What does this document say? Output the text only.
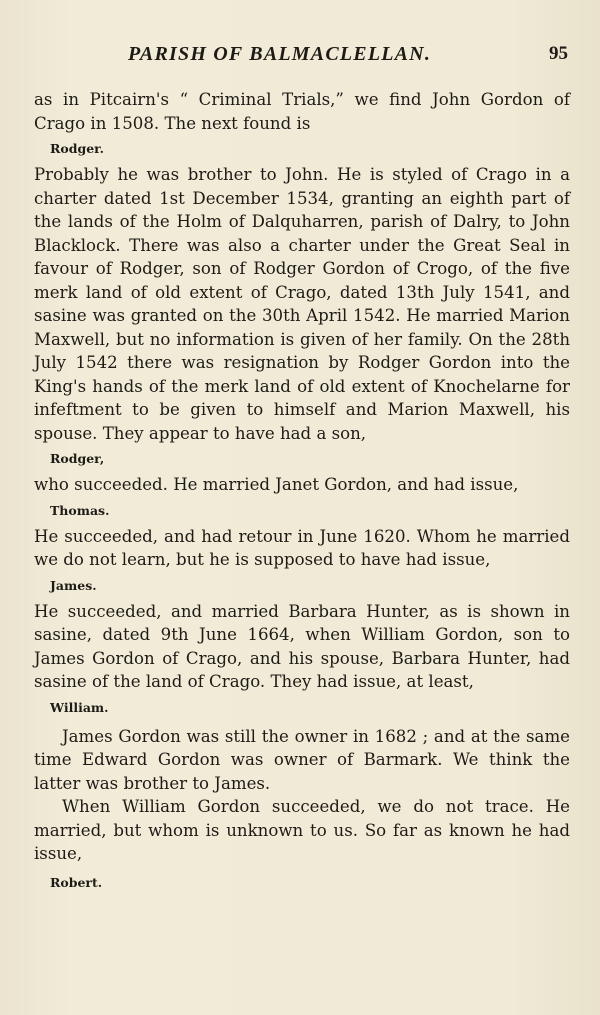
PARISH OF BALMACLELLAN.	95

as in Pitcairn's “ Criminal Trials,” we find John Gordon of Crago in 1508. The next found is

Rodger.

Probably he was brother to John. He is styled of Crago in a charter dated 1st December 1534, granting an eighth part of the lands of the Holm of Dalquharren, parish of Dalry, to John Blacklock. There was also a charter under the Great Seal in favour of Rodger, son of Rodger Gordon of Crogo, of the five merk land of old extent of Crago, dated 13th July 1541, and sasine was granted on the 30th April 1542. He married Marion Maxwell, but no information is given of her family. On the 28th July 1542 there was resignation by Rodger Gordon into the King's hands of the merk land of old extent of Knochelarne for infeftment to be given to himself and Marion Maxwell, his spouse. They appear to have had a son,

Rodger,

who succeeded. He married Janet Gordon, and had issue,

Thomas.

He succeeded, and had retour in June 1620. Whom he married we do not learn, but he is supposed to have had issue,

James.

He succeeded, and married Barbara Hunter, as is shown in sasine, dated 9th June 1664, when William Gordon, son to James Gordon of Crago, and his spouse, Barbara Hunter, had sasine of the land of Crago. They had issue, at least,

William.

James Gordon was still the owner in 1682 ; and at the same time Edward Gordon was owner of Barmark. We think the latter was brother to James.

When William Gordon succeeded, we do not trace. He married, but whom is unknown to us. So far as known he had issue,

Robert.
